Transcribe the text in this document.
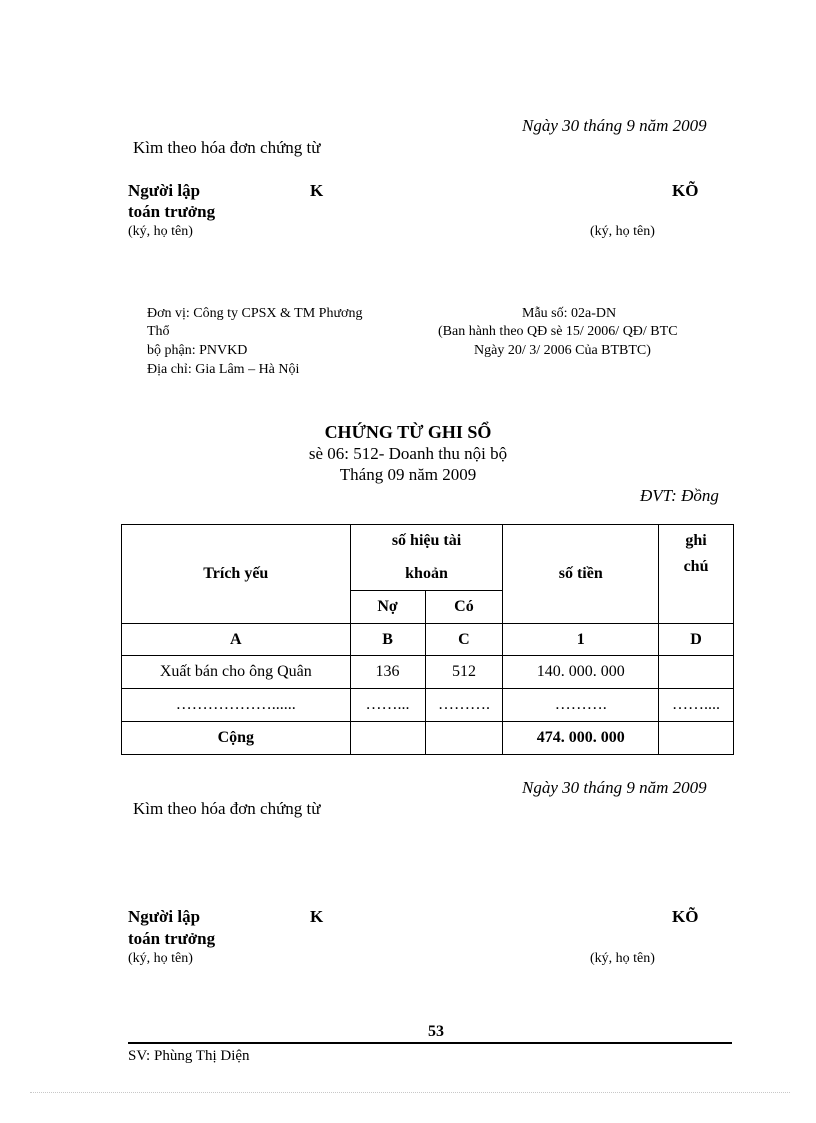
Ngày 30 tháng 9 năm 2009
Kìm theo hóa đơn chứng từ
Người lập	K	KÕ
toán trưởng
(ký, họ tên)	(ký, họ tên)
Đơn vị: Công ty CPSX & TM Phương
Thổ
bộ phận: PNVKD
Địa chỉ: Gia Lâm – Hà Nội
Mẫu số: 02a-DN
(Ban hành theo QĐ sè 15/ 2006/ QĐ/ BTC
Ngày 20/ 3/ 2006 Của BTBTC)
CHỨNG TỪ GHI SỔ
sè 06: 512- Doanh thu nội bộ
Tháng 09 năm 2009
ĐVT: Đồng
Trích yếu	số hiệu tài		số tiền	ghi
	khoản			chú
	Nợ	Có		
A	B	C	1	D
Xuất bán cho ông Quân	136	512	140. 000. 000	
………………......	……...	……….	……….	……....
Cộng			474. 000. 000	
Ngày 30 tháng 9 năm 2009
Kìm theo hóa đơn chứng từ
Người lập	K	KÕ
toán trưởng
(ký, họ tên)	(ký, họ tên)
53
SV: Phùng Thị Diện
